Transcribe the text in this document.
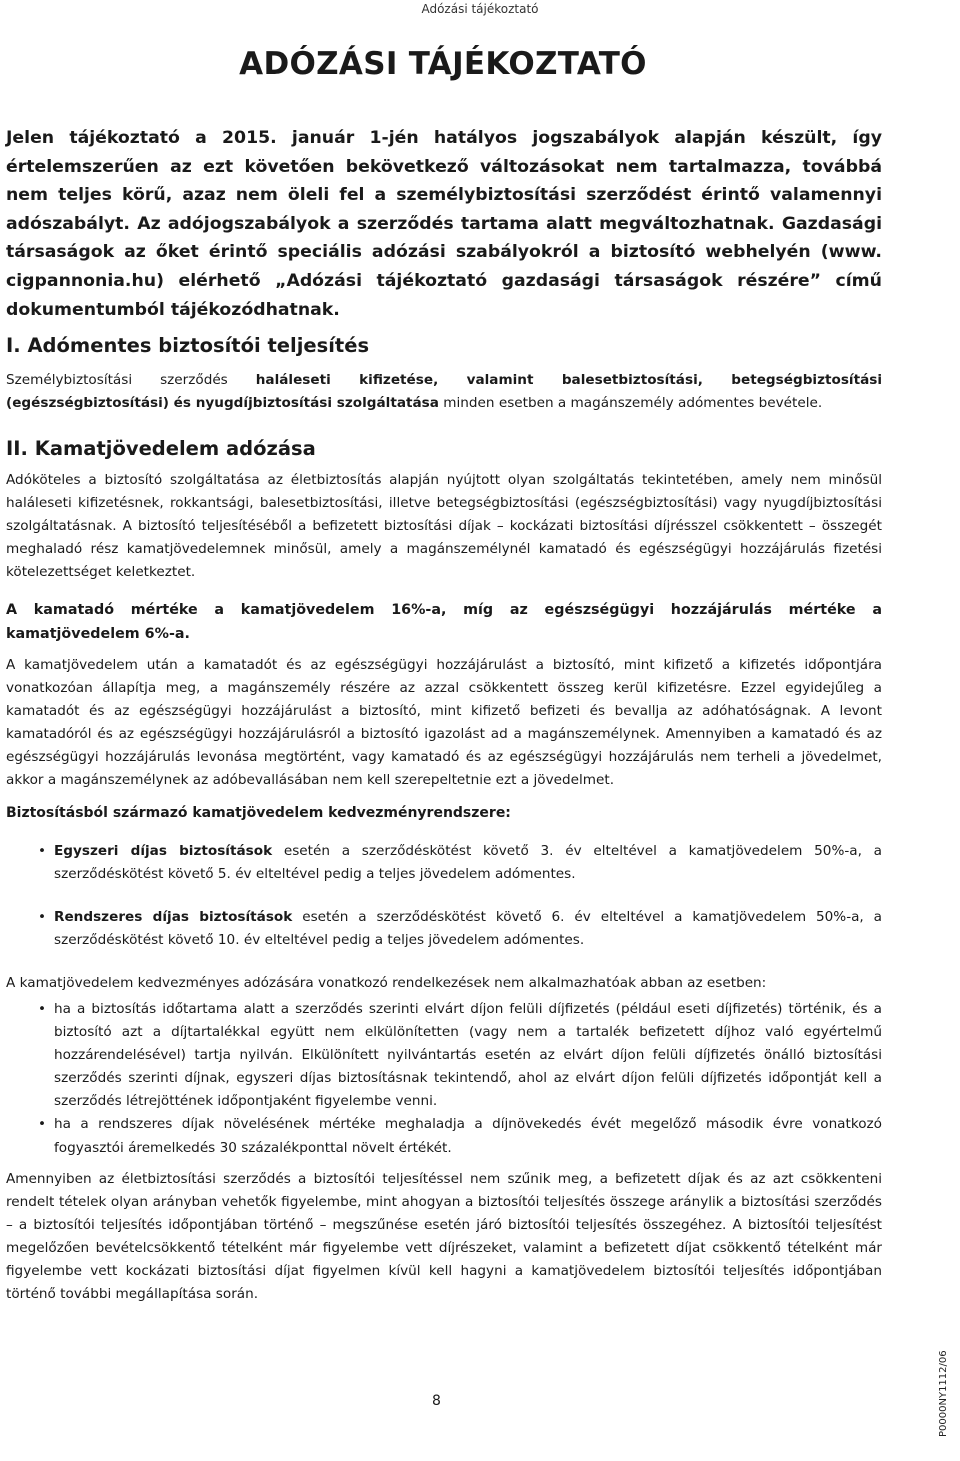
Adózási tájékoztató
ADÓZÁSI TÁJÉKOZTATÓ

Jelen tájékoztató a 2015. január 1-jén hatályos jogszabályok alapján készült, így értelemszerűen az ezt követően bekövetkező változásokat nem tartalmazza, továbbá nem teljes körű, azaz nem öleli fel a személybiztosítási szerződést érintő valamennyi adószabályt. Az adójogszabályok a szerződés tartama alatt megváltozhatnak. Gazdasági társaságok az őket érintő speciális adózási szabályokról a biztosító webhelyén (www. cigpannonia.hu) elérhető „Adózási tájékoztató gazdasági társaságok részére” című dokumentumból tájékozódhatnak.

I. Adómentes biztosítói teljesítés

Személybiztosítási szerződés haláleseti kifizetése, valamint balesetbiztosítási, betegségbiztosítási (egészségbiztosítási) és nyugdíjbiztosítási szolgáltatása minden esetben a magánszemély adómentes bevétele.

II. Kamatjövedelem adózása

Adóköteles a biztosító szolgáltatása az életbiztosítás alapján nyújtott olyan szolgáltatás tekintetében, amely nem minősül haláleseti kifizetésnek, rokkantsági, balesetbiztosítási, illetve betegségbiztosítási (egészségbiztosítási) vagy nyugdíjbiztosítási szolgáltatásnak. A biztosító teljesítéséből a befizetett biztosítási díjak – kockázati biztosítási díjrésszel csökkentett – összegét meghaladó rész kamatjövedelemnek minősül, amely a magánszemélynél kamatadó és egészségügyi hozzájárulás fizetési kötelezettséget keletkeztet.

A kamatadó mértéke a kamatjövedelem 16%-a, míg az egészségügyi hozzájárulás mértéke a kamatjövedelem 6%-a.

A kamatjövedelem után a kamatadót és az egészségügyi hozzájárulást a biztosító, mint kifizető a kifizetés időpontjára vonatkozóan állapítja meg, a magánszemély részére az azzal csökkentett összeg kerül kifizetésre. Ezzel egyidejűleg a kamatadót és az egészségügyi hozzájárulást a biztosító, mint kifizető befizeti és bevallja az adóhatóságnak. A levont kamatadóról és az egészségügyi hozzájárulásról a biztosító igazolást ad a magánszemélynek. Amennyiben a kamatadó és az egészségügyi hozzájárulás levonása megtörtént, vagy kamatadó és az egészségügyi hozzájárulás nem terheli a jövedelmet, akkor a magánszemélynek az adóbevallásában nem kell szerepeltetnie ezt a jövedelmet.

Biztosításból származó kamatjövedelem kedvezményrendszere:

• Egyszeri díjas biztosítások esetén a szerződéskötést követő 3. év elteltével a kamatjövedelem 50%-a, a szerződéskötést követő 5. év elteltével pedig a teljes jövedelem adómentes.
• Rendszeres díjas biztosítások esetén a szerződéskötést követő 6. év elteltével a kamatjövedelem 50%-a, a szerződéskötést követő 10. év elteltével pedig a teljes jövedelem adómentes.

A kamatjövedelem kedvezményes adózására vonatkozó rendelkezések nem alkalmazhatóak abban az esetben:

• ha a biztosítás időtartama alatt a szerződés szerinti elvárt díjon felüli díjfizetés (például eseti díjfizetés) történik, és a biztosító azt a díjtartalékkal együtt nem elkülönítetten (vagy nem a tartalék befizetett díjhoz való egyértelmű hozzárendelésével) tartja nyilván. Elkülönített nyilvántartás esetén az elvárt díjon felüli díjfizetés önálló biztosítási szerződés szerinti díjnak, egyszeri díjas biztosításnak tekintendő, ahol az elvárt díjon felüli díjfizetés időpontját kell a szerződés létrejöttének időpontjaként figyelembe venni.
• ha a rendszeres díjak növelésének mértéke meghaladja a díjnövekedés évét megelőző második évre vonatkozó fogyasztói áremelkedés 30 százalékponttal növelt értékét.

Amennyiben az életbiztosítási szerződés a biztosítói teljesítéssel nem szűnik meg, a befizetett díjak és az azt csökkenteni rendelt tételek olyan arányban vehetők figyelembe, mint ahogyan a biztosítói teljesítés összege aránylik a biztosítási szerződés – a biztosítói teljesítés időpontjában történő – megszűnése esetén járó biztosítói teljesítés összegéhez. A biztosítói teljesítést megelőzően bevételcsökkentő tételként már figyelembe vett díjrészeket, valamint a befizetett díjat csökkentő tételként már figyelembe vett kockázati biztosítási díjat figyelmen kívül kell hagyni a kamatjövedelem biztosítói teljesítés időpontjában történő további megállapítása során.

8	P0000NY1112/06
